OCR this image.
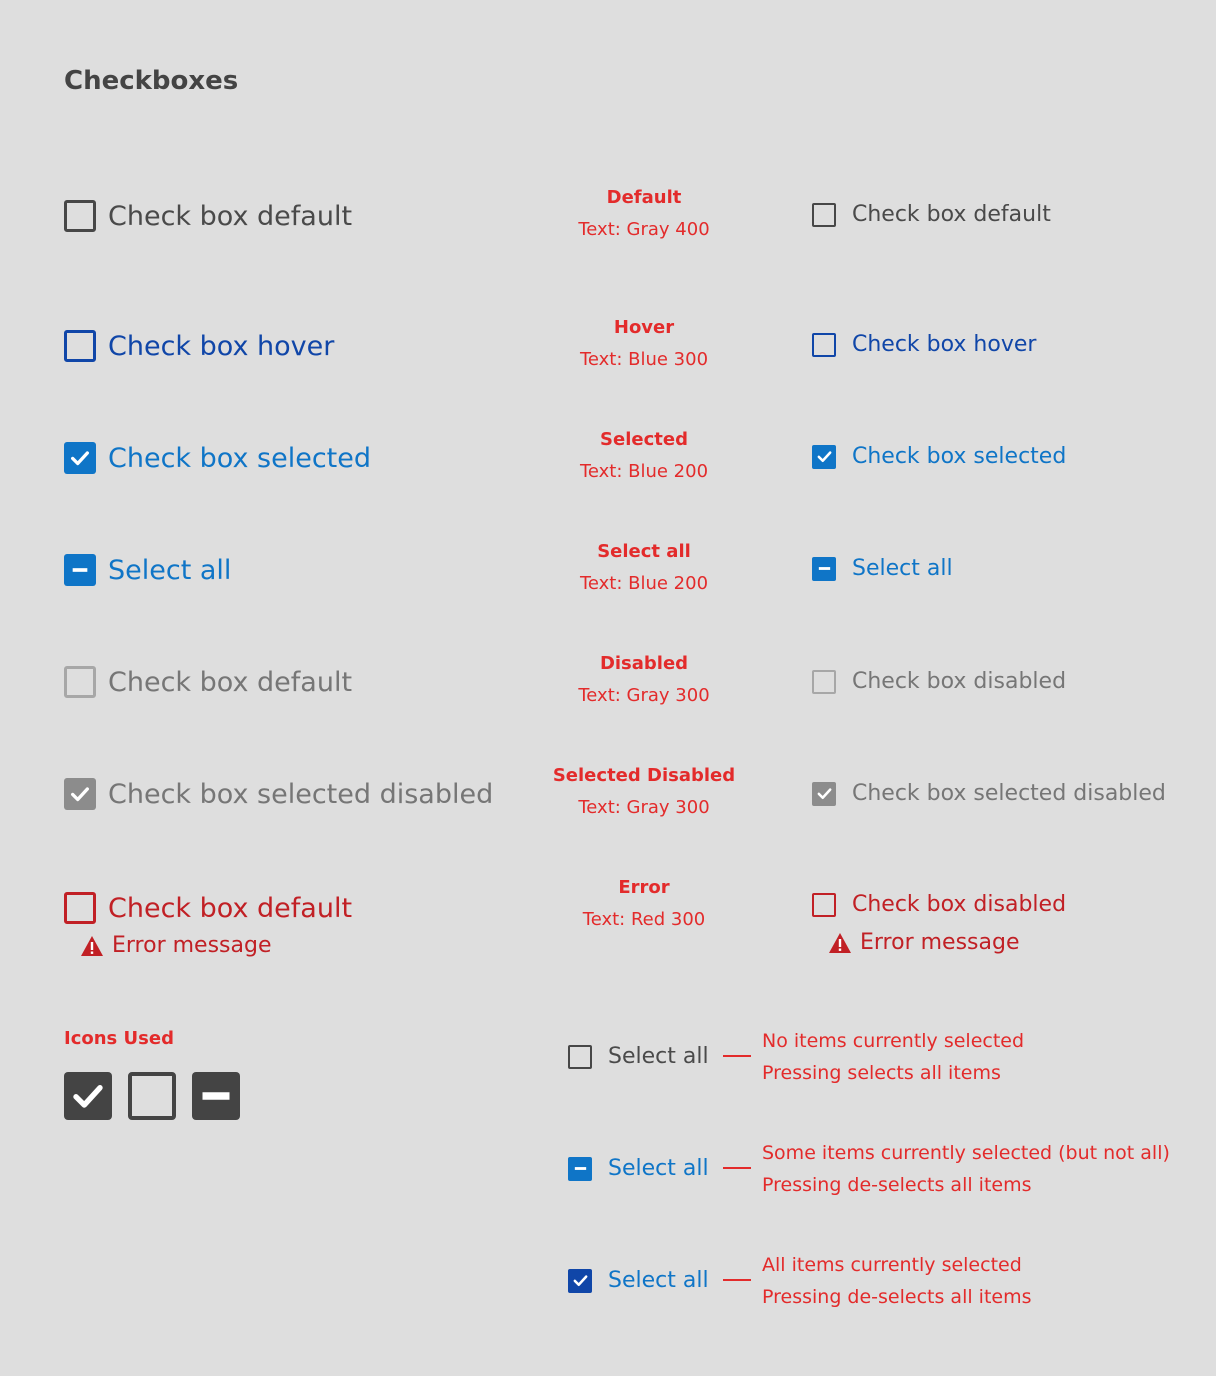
Checkboxes
Check box default
Check box hover
Check box selected
Select all
Check box default
Check box selected disabled
Check box default
Error message
Default
Text: Gray 400
Hover
Text: Blue 300
Selected
Text: Blue 200
Select all
Text: Blue 200
Disabled
Text: Gray 300
Selected Disabled
Text: Gray 300
Error
Text: Red 300
Check box default
Check box hover
Check box selected
Select all
Check box disabled
Check box selected disabled
Check box disabled
Error message
Icons Used
Select all
No items currently selected
Pressing selects all items
Select all
Some items currently selected (but not all)
Pressing de-selects all items
Select all
All items currently selected
Pressing de-selects all items
